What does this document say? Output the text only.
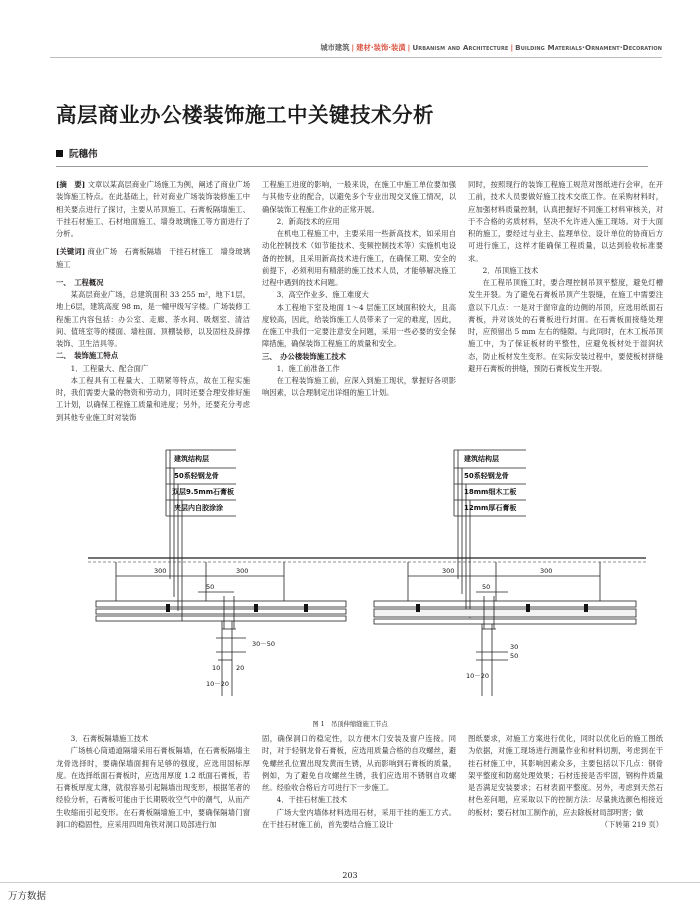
城市建筑 | 建材·装饰·装潢 | Urbanism and Architecture | Building Materials·Ornament·Decoration
高层商业办公楼装饰施工中关键技术分析
阮穗伟

[摘　要] 文章以某高层商业广场施工为例，阐述了商业广场装饰施工特点。在此基础上，针对商业广场装饰装修施工中相关要点进行了探讨，主要从吊顶施工、石膏板隔墙施工、干挂石材施工、石材地面施工、墙身玻璃施工等方面进行了分析。

[关键词] 商业广场　石膏板隔墙　干挂石材施工　墙身玻璃施工

一、　工程概况

某高层商业广场，总建筑面积 33 255 m²，地下1层，地上6层，建筑高度 98 m，是一幢甲级写字楼。广场装修工程施工内容包括：办公室、走廊、茶水间、吸烟室、清洁间、值班室等的楼面、墙柱面、顶棚装修，以及固柱及辞撑装饰、卫生洁具等。

二、　装饰施工特点

1．工程量大、配合面广

本工程具有工程量大、工期紧等特点，故在工程实施时，我们需要大量的物资和劳动力，同时还要合理安排好施工计划，以确保工程施工质量和进度；另外，还要充分考虑到其他专业施工时对装饰

工程施工进度的影响，一般来说，在施工中施工单位要加强与其他专业的配合，以避免多个专业出现交叉施工情况，以确保装饰工程施工作业的正常开展。

2．新高技术的应用

在机电工程施工中，主要采用一些新高技术，如采用自动化控制技术（如节能技术、变频控制技术等）实施机电设备的控制，且采用新高技术进行施工，在确保工期、安全的前提下，必须利用有精湛的施工技术人员，才能够解决施工过程中遇到的技术问题。

3．高空作业多、施工难度大

本工程地下室及地面 1～4 层施工区域面积较大，且高度较高，因此，给装饰施工人员带来了一定的难度，因此，在施工中我们一定要注意安全问题，采用一些必要的安全保障措施，确保装饰工程施工的质量和安全。

三、　办公楼装饰施工技术

1．施工前准备工作

在工程装饰施工前，应深入到施工现状，掌握好各项影响因素，以合理制定出详细的施工计划。

同时，按照现行的装饰工程施工规范对图纸进行会审，在开工前，技术人员要做好施工技术交底工作。在采购材料时，应加强材料质量控制，认真把握好不同施工材料审核关，对于不合格的劣质材料，坚决不允许进入施工现场。对于大面积的施工，要经过与业主、监理单位、设计单位的协商后方可进行施工，这样才能确保工程质量，以达到验收标准要求。

2．吊顶施工技术

在工程吊顶施工时，要合理控制吊顶平整度，避免灯槽发生开裂。为了避免石膏板吊顶产生裂缝，在施工中需要注意以下几点：一是对于窗帘盒的边侧的吊顶，应选用纸面石膏板，并对该处的石膏板进行封面。在石膏板面接缝处理时，应预留出 5 mm 左右的缝隙。与此同时，在木工板吊顶施工中，为了保证板材的平整性，应避免板材处于湿润状态，防止板材发生变形。在实际安装过程中，要使板材拼缝避开石膏板的拼缝，预防石膏板发生开裂。

建筑结构层
50系轻钢龙骨
双层9.5mm石膏板
夹层内自胶涂涂
建筑结构层
50系轻钢龙骨
18mm细木工板
12mm厚石膏板
300	300
50
10 20
30－50
10－20
300	300
50
30
50
10－20
图 1　吊顶伸缩缝施工节点

3．石膏板隔墙施工技术

广场核心筒通道隔墙采用石膏板隔墙，在石膏板隔墙主龙骨选择时，要确保墙面拥有足够的强度，应选用国标厚度。在选择纸面石膏板时，应选用厚度 1.2 纸面石膏板，若石膏板厚度太薄，就很容易引起隔墙出现变形，根据笔者的经验分析，石膏板可能由于长期吸收空气中的潮气，从而产生收缩而引起变形。在石膏板隔墙施工中，要确保隔墙门窗洞口的稳固性，应采用四周角铁对洞口局部进行加

固，确保洞口的稳定性，以方便木门安装及窗户连接。同时，对于轻钢龙骨石膏板，应选用质量合格的自攻螺丝，避免螺丝孔位置出现发黄而生锈，从而影响到石膏板的质量，例如，为了避免自攻螺丝生锈，我们应选用不锈钢自攻螺丝。经验收合格后方可进行下一步施工。

4．干挂石材施工技术

广场大堂内墙体材料选用石材，采用干挂的施工方式。在干挂石材施工前，首先要结合施工设计

图纸要求，对施工方案进行优化，同时以优化后的施工图纸为依据，对施工现场进行测量作业和材料切割，考虑到在干挂石材施工中，其影响因素众多，主要包括以下几点：钢骨架平整度和防腐处理效果；石材连接是否牢固，钢构件质量是否满足安装要求；石材表面平整度。另外，考虑到天然石材色差问题，应采取以下的控制方法：尽量挑选颜色相接近的板材；要石材加工制作前，应去除板材局部明害；做

（下转第 219 页）

203
万方数据
